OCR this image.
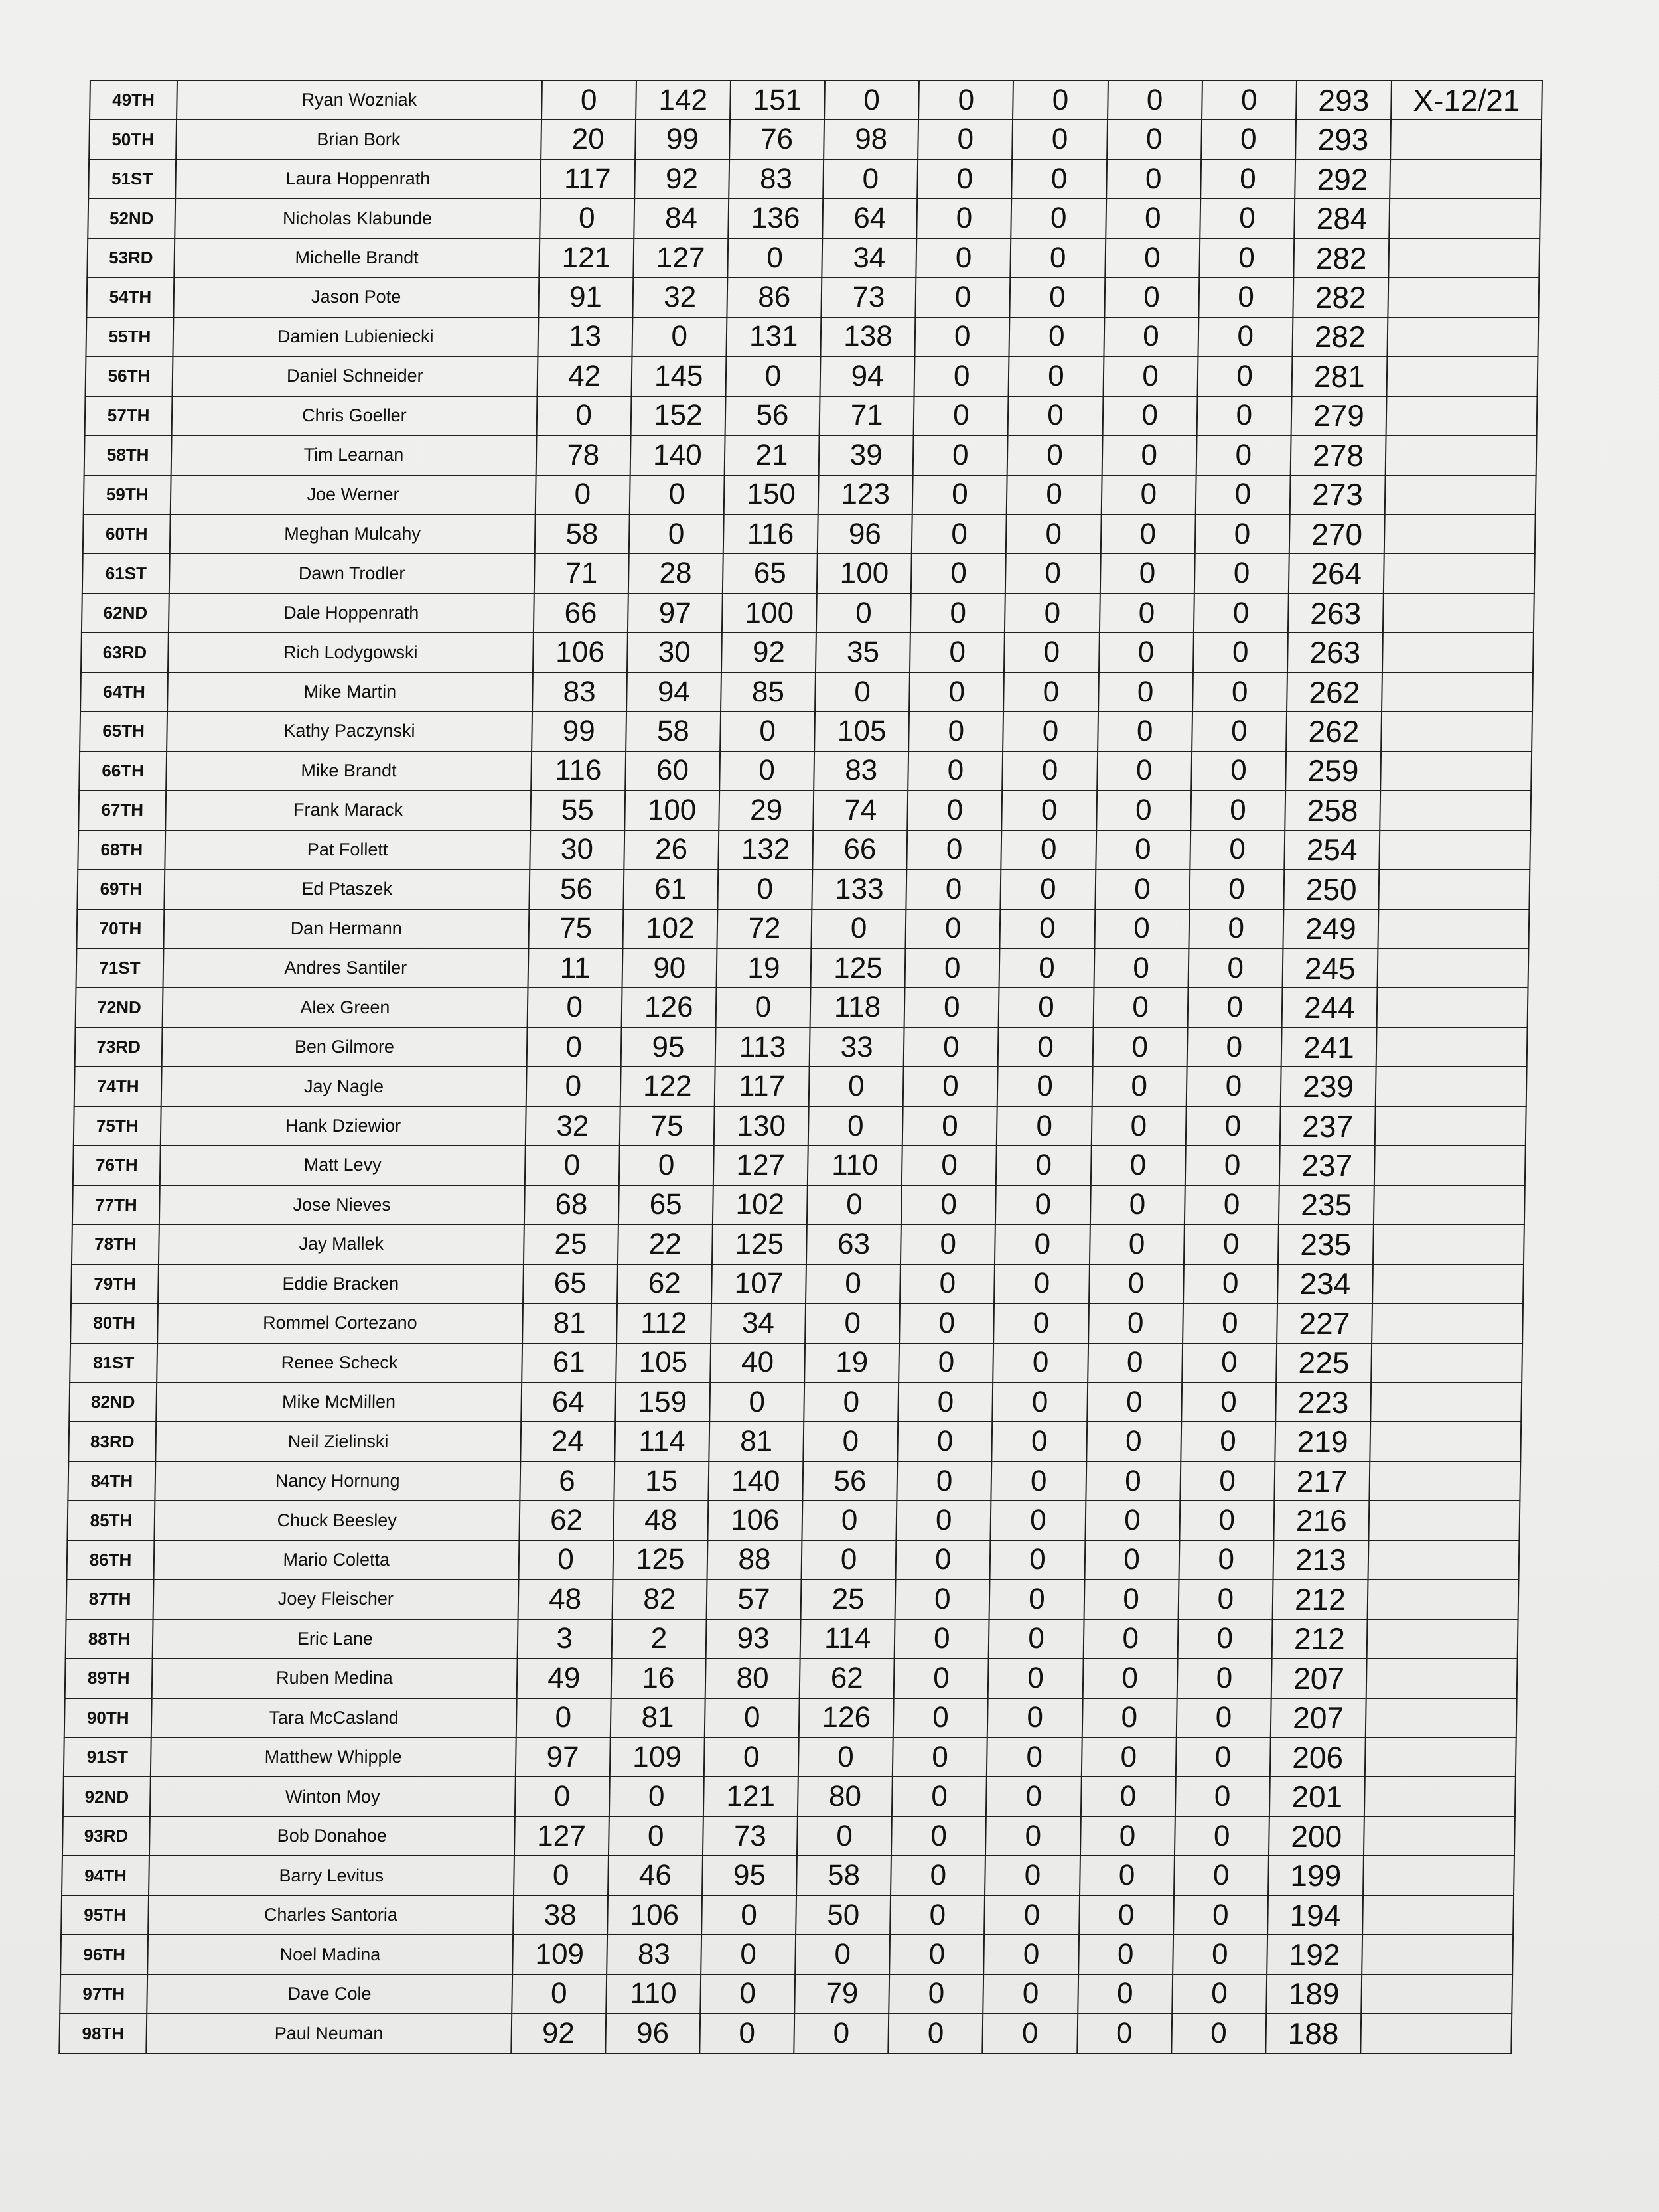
49TH	Ryan Wozniak	0	142	151	0	0	0	0	0	293	X-12/21
50TH	Brian Bork	20	99	76	98	0	0	0	0	293	
51ST	Laura Hoppenrath	117	92	83	0	0	0	0	0	292	
52ND	Nicholas Klabunde	0	84	136	64	0	0	0	0	284	
53RD	Michelle Brandt	121	127	0	34	0	0	0	0	282	
54TH	Jason Pote	91	32	86	73	0	0	0	0	282	
55TH	Damien Lubieniecki	13	0	131	138	0	0	0	0	282	
56TH	Daniel Schneider	42	145	0	94	0	0	0	0	281	
57TH	Chris Goeller	0	152	56	71	0	0	0	0	279	
58TH	Tim Learnan	78	140	21	39	0	0	0	0	278	
59TH	Joe Werner	0	0	150	123	0	0	0	0	273	
60TH	Meghan Mulcahy	58	0	116	96	0	0	0	0	270	
61ST	Dawn Trodler	71	28	65	100	0	0	0	0	264	
62ND	Dale Hoppenrath	66	97	100	0	0	0	0	0	263	
63RD	Rich Lodygowski	106	30	92	35	0	0	0	0	263	
64TH	Mike Martin	83	94	85	0	0	0	0	0	262	
65TH	Kathy Paczynski	99	58	0	105	0	0	0	0	262	
66TH	Mike Brandt	116	60	0	83	0	0	0	0	259	
67TH	Frank Marack	55	100	29	74	0	0	0	0	258	
68TH	Pat Follett	30	26	132	66	0	0	0	0	254	
69TH	Ed Ptaszek	56	61	0	133	0	0	0	0	250	
70TH	Dan Hermann	75	102	72	0	0	0	0	0	249	
71ST	Andres Santiler	11	90	19	125	0	0	0	0	245	
72ND	Alex Green	0	126	0	118	0	0	0	0	244	
73RD	Ben Gilmore	0	95	113	33	0	0	0	0	241	
74TH	Jay Nagle	0	122	117	0	0	0	0	0	239	
75TH	Hank Dziewior	32	75	130	0	0	0	0	0	237	
76TH	Matt Levy	0	0	127	110	0	0	0	0	237	
77TH	Jose Nieves	68	65	102	0	0	0	0	0	235	
78TH	Jay Mallek	25	22	125	63	0	0	0	0	235	
79TH	Eddie Bracken	65	62	107	0	0	0	0	0	234	
80TH	Rommel Cortezano	81	112	34	0	0	0	0	0	227	
81ST	Renee Scheck	61	105	40	19	0	0	0	0	225	
82ND	Mike McMillen	64	159	0	0	0	0	0	0	223	
83RD	Neil Zielinski	24	114	81	0	0	0	0	0	219	
84TH	Nancy Hornung	6	15	140	56	0	0	0	0	217	
85TH	Chuck Beesley	62	48	106	0	0	0	0	0	216	
86TH	Mario Coletta	0	125	88	0	0	0	0	0	213	
87TH	Joey Fleischer	48	82	57	25	0	0	0	0	212	
88TH	Eric Lane	3	2	93	114	0	0	0	0	212	
89TH	Ruben Medina	49	16	80	62	0	0	0	0	207	
90TH	Tara McCasland	0	81	0	126	0	0	0	0	207	
91ST	Matthew Whipple	97	109	0	0	0	0	0	0	206	
92ND	Winton Moy	0	0	121	80	0	0	0	0	201	
93RD	Bob Donahoe	127	0	73	0	0	0	0	0	200	
94TH	Barry Levitus	0	46	95	58	0	0	0	0	199	
95TH	Charles Santoria	38	106	0	50	0	0	0	0	194	
96TH	Noel Madina	109	83	0	0	0	0	0	0	192	
97TH	Dave Cole	0	110	0	79	0	0	0	0	189	
98TH	Paul Neuman	92	96	0	0	0	0	0	0	188	
